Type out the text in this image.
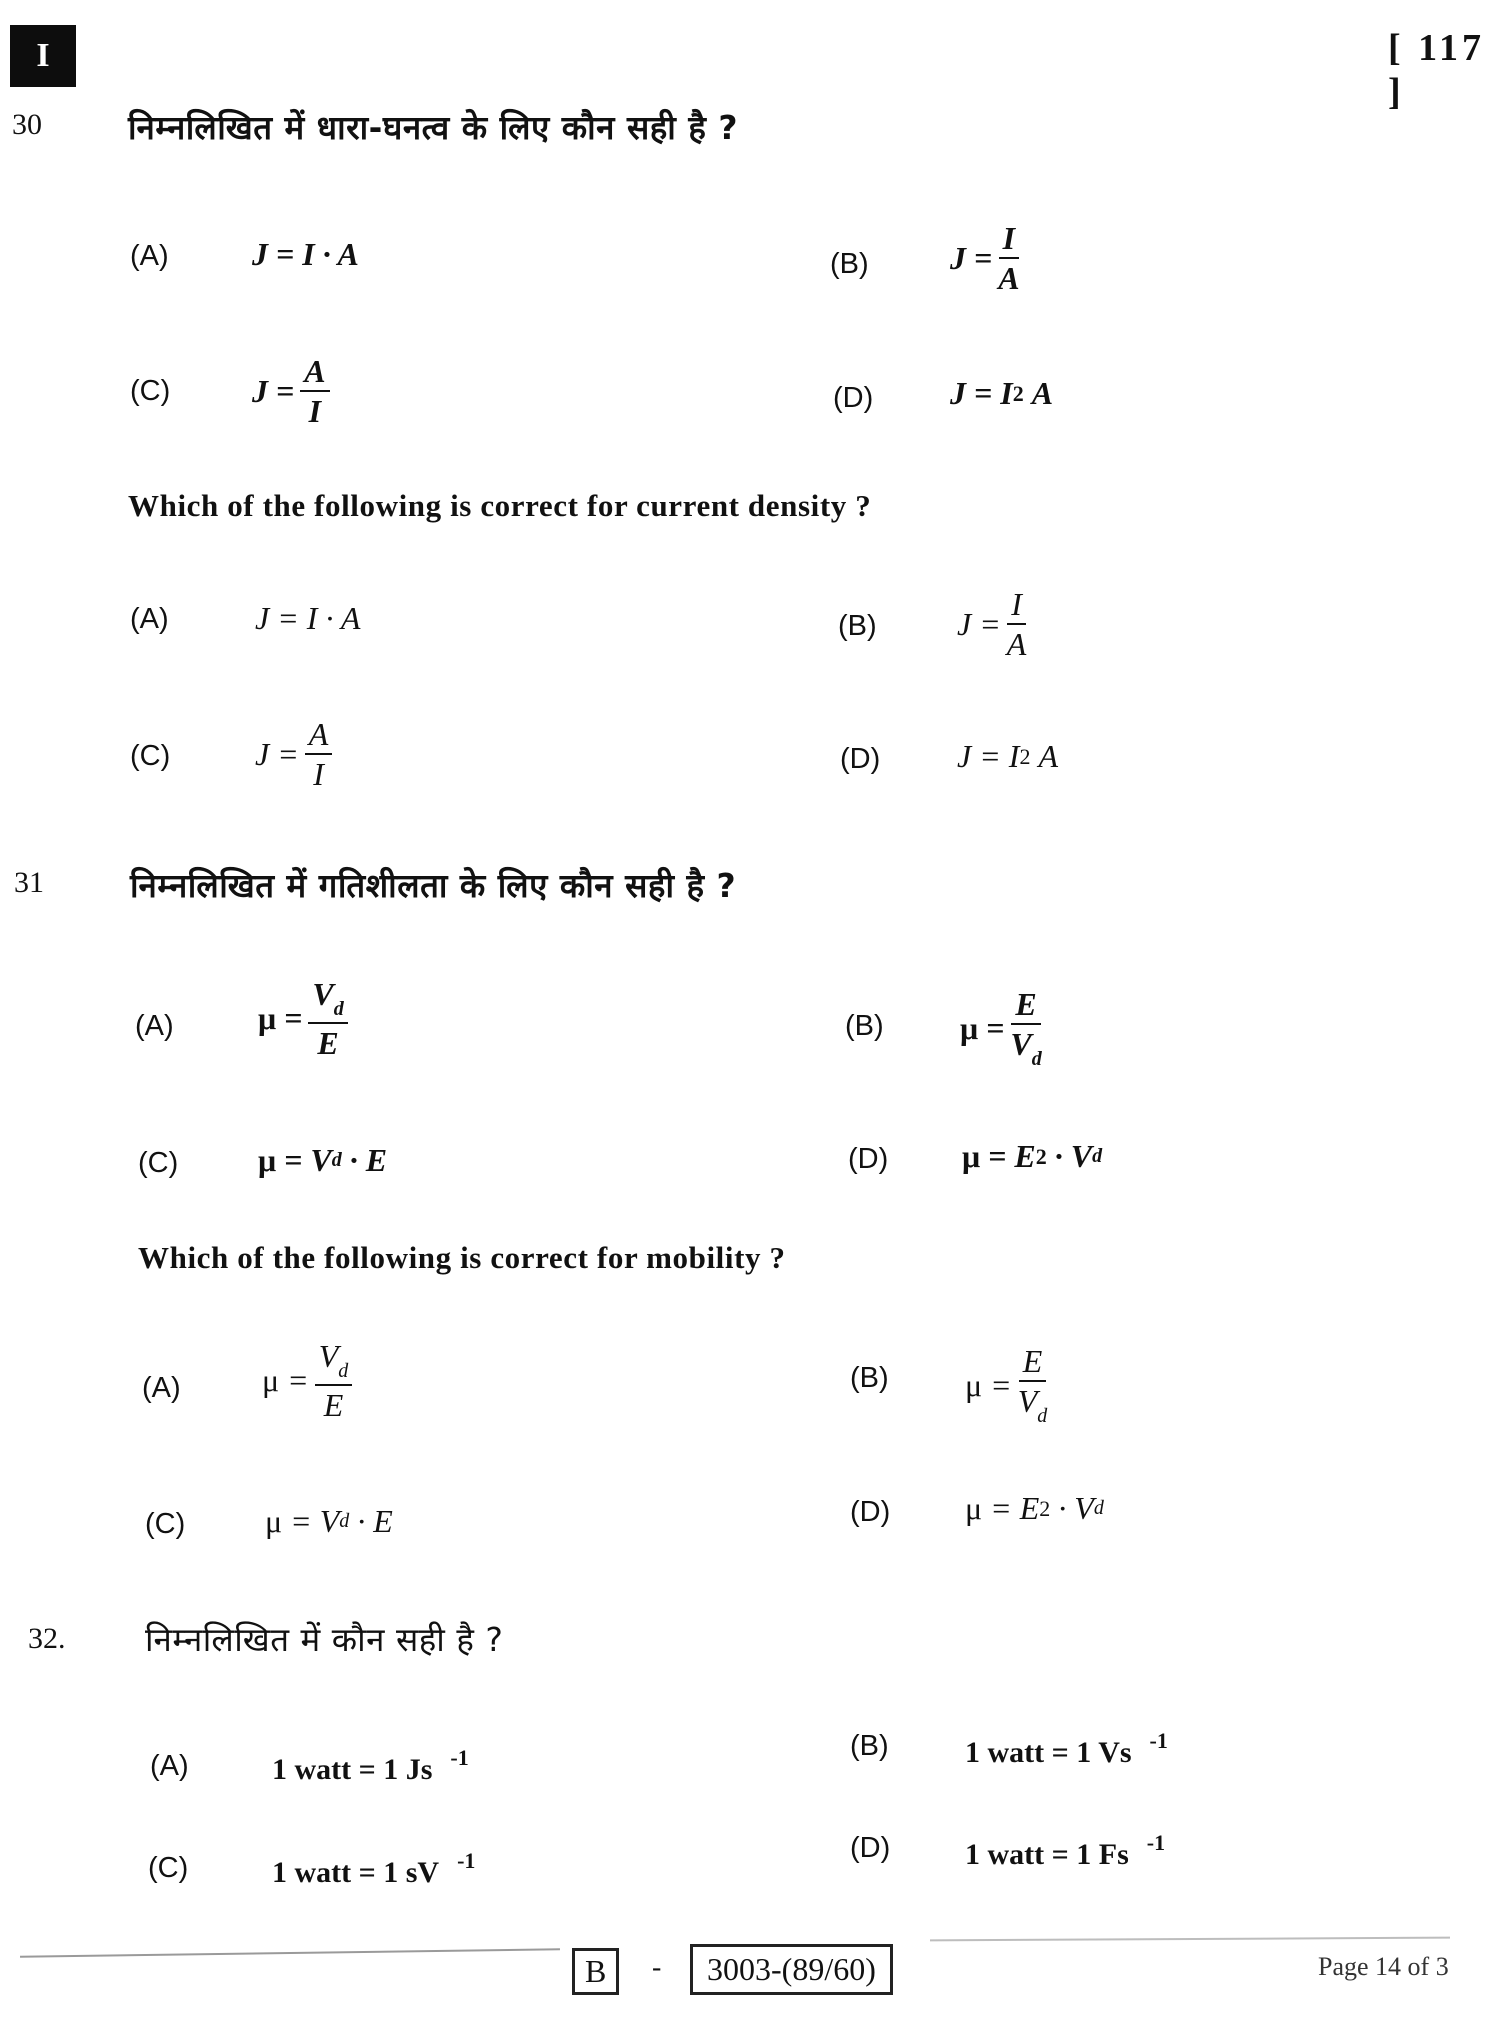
I	[ 117 ]
30	निम्नलिखित में धारा-घनत्व के लिए कौन सही है ?
(A)	J
= I · A	(B)	$J = \frac{I}{A}$
(C)	$J = \frac{A}{I}$	(D) J
= I 2
A
Which of the following is correct for current density ?
(A)	J
= I · A	(B)	$J = \frac{I}{A}$
(C)	$J = \frac{A}{I}$	(D) J
= I 2
A
31	निम्नलिखित में गतिशीलता के लिए कौन सही है ?
(A)	$\mu = \frac{V_d}{E}$	(B) $\mu = \frac{E}{V_d}$
(C) μ
= V d
· E	(D) μ
= E 2
· V d
Which of the following is correct for mobility ?
(A)	$\mu = \frac{V_d}{E}$	(B) $\mu = \frac{E}{V_d}$
(C) μ
= V d
· E	(D) μ
= E 2
· V d
32. निम्नलिखित में कौन सही है ?
(A)	1 watt = 1 Js $^{-1}$	(B)	1 watt = 1 Vs $^{-1}$
(C)	1 watt = 1 sV $^{-1}$	(D) 1 watt = 1 Fs $^{-1}$
B	-	3003-(89/60)	Page 14 of 3
